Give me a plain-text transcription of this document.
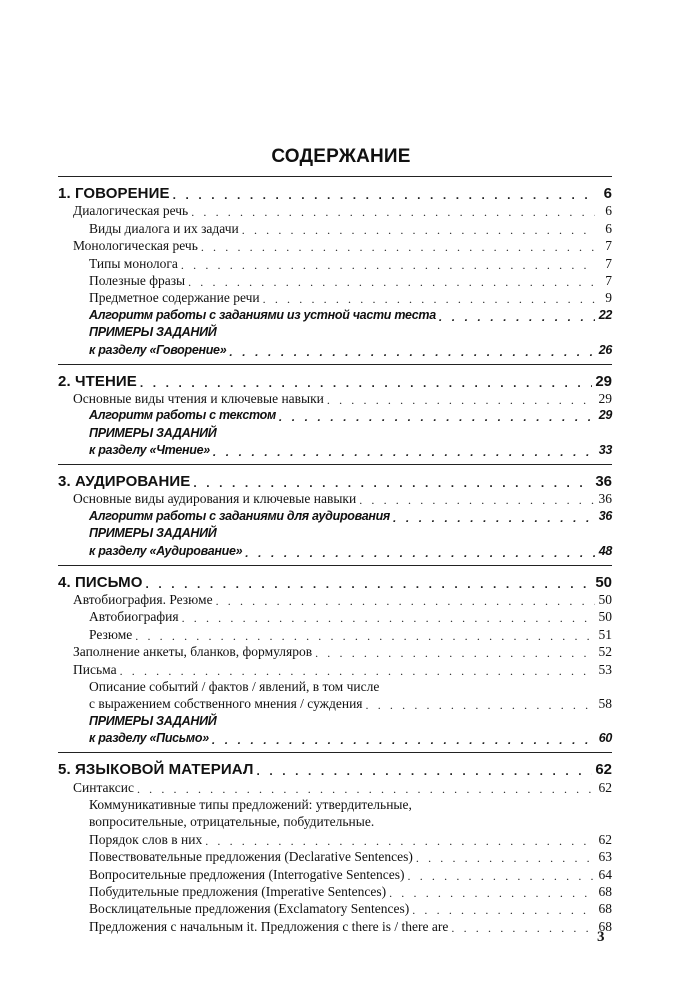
СОДЕРЖАНИЕ
1. ГОВОРЕНИЕ . . .	6
Диалогическая речь . . .	6
Виды диалога и их задачи . . .	6
Монологическая речь . . .	7
Типы монолога . . .	7
Полезные фразы . . .	7
Предметное содержание речи . . .	9
Алгоритм работы с заданиями из устной части теста . . .	22
ПРИМЕРЫ ЗАДАНИЙ
к разделу «Говорение» . . .	26
2. ЧТЕНИЕ . . .	29
Основные виды чтения и ключевые навыки . . .	29
Алгоритм работы с текстом . . .	29
ПРИМЕРЫ ЗАДАНИЙ
к разделу «Чтение» . . .	33
3. АУДИРОВАНИЕ . . .	36
Основные виды аудирования и ключевые навыки . . .	36
Алгоритм работы с заданиями для аудирования . . .	36
ПРИМЕРЫ ЗАДАНИЙ
к разделу «Аудирование» . . .	48
4. ПИСЬМО . . .	50
Автобиография. Резюме . . .	50
Автобиография . . .	50
Резюме . . .	51
Заполнение анкеты, бланков, формуляров . . .	52
Письма . . .	53
Описание событий / фактов / явлений, в том числе
с выражением собственного мнения / суждения . . .	58
ПРИМЕРЫ ЗАДАНИЙ
к разделу «Письмо» . . .	60
5. ЯЗЫКОВОЙ МАТЕРИАЛ . . .	62
Синтаксис . . .	62
Коммуникативные типы предложений: утвердительные,
вопросительные, отрицательные, побудительные.
Порядок слов в них . . .	62
Повествовательные предложения (Declarative Sentences) . . .	63
Вопросительные предложения (Interrogative Sentences) . . .	64
Побудительные предложения (Imperative Sentences) . . .	68
Восклицательные предложения (Exclamatory Sentences) . . .	68
Предложения с начальным it. Предложения с there is / there are . . .	68
3
